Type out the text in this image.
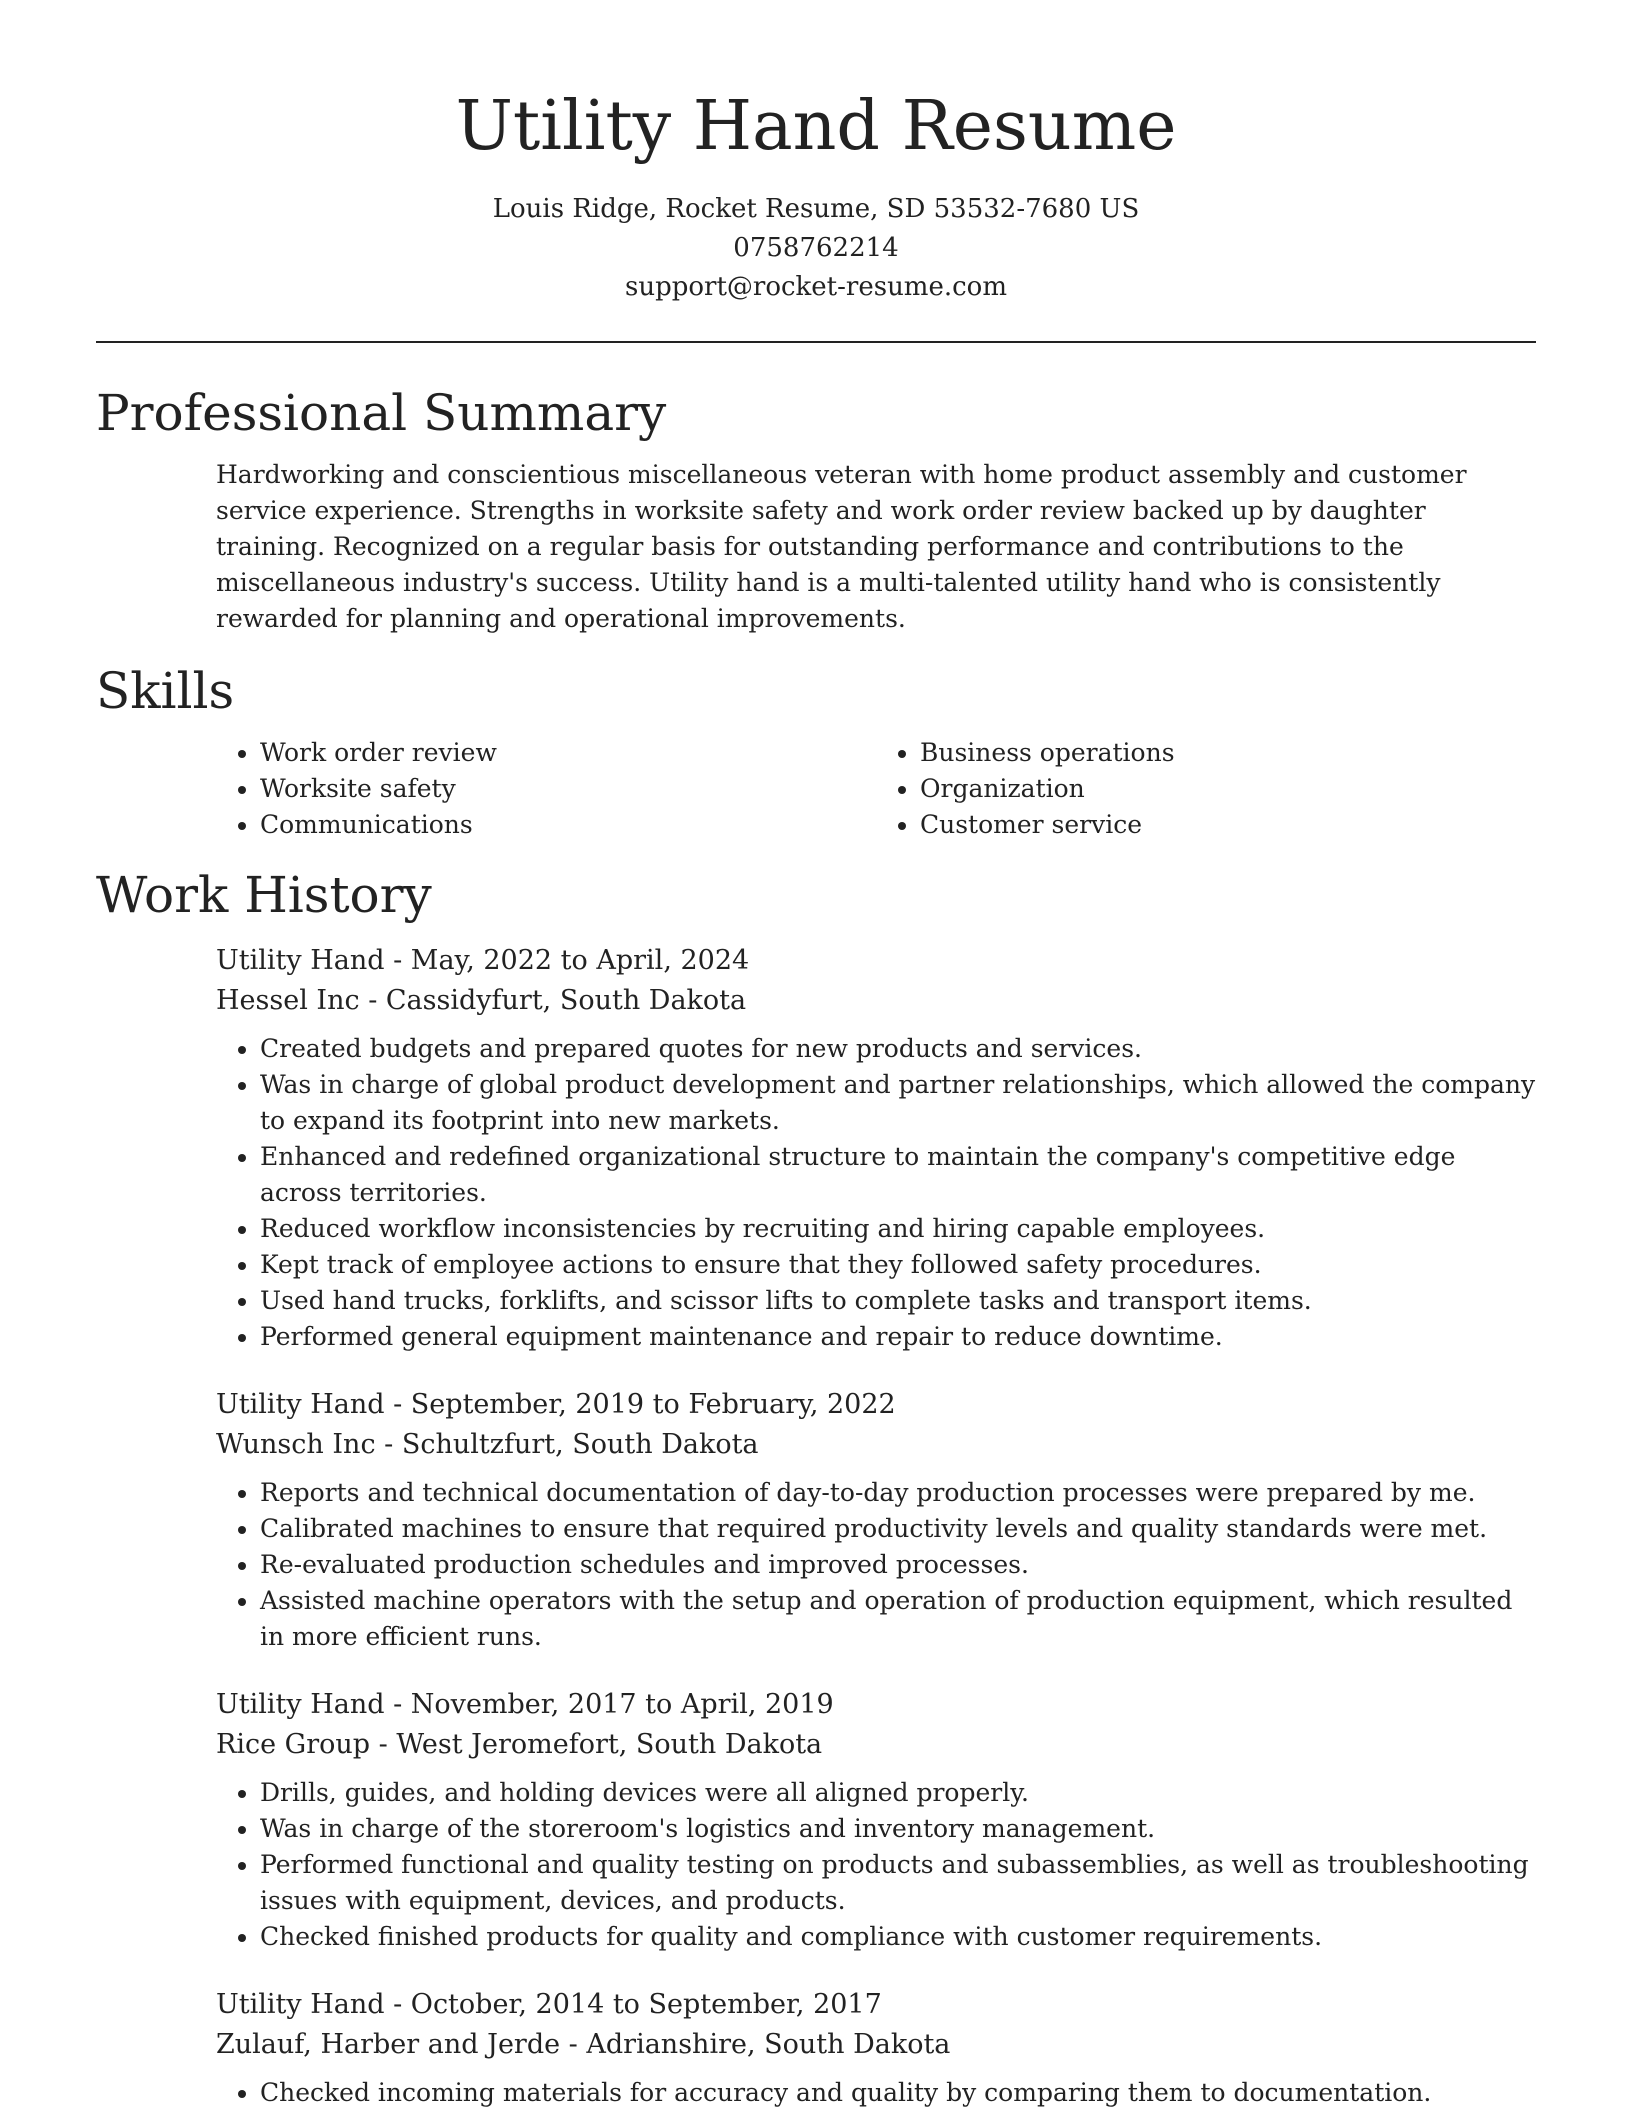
Utility Hand Resume
Louis Ridge, Rocket Resume, SD 53532-7680 US
0758762214
support@rocket-resume.com
Professional Summary

Hardworking and conscientious miscellaneous veteran with home product assembly and customer service experience. Strengths in worksite safety and work order review backed up by daughter training. Recognized on a regular basis for outstanding performance and contributions to the miscellaneous industry's success. Utility hand is a multi-talented utility hand who is consistently rewarded for planning and operational improvements.

Skills
• Work order review
• Worksite safety
• Communications
• Business operations
• Organization
• Customer service
Work History
Utility Hand - May, 2022 to April, 2024
Hessel Inc - Cassidyfurt, South Dakota
• Created budgets and prepared quotes for new products and services.
• Was in charge of global product development and partner relationships, which allowed the company to expand its footprint into new markets.
• Enhanced and redefined organizational structure to maintain the company's competitive edge across territories.
• Reduced workflow inconsistencies by recruiting and hiring capable employees.
• Kept track of employee actions to ensure that they followed safety procedures.
• Used hand trucks, forklifts, and scissor lifts to complete tasks and transport items.
• Performed general equipment maintenance and repair to reduce downtime.
Utility Hand - September, 2019 to February, 2022
Wunsch Inc - Schultzfurt, South Dakota
• Reports and technical documentation of day-to-day production processes were prepared by me.
• Calibrated machines to ensure that required productivity levels and quality standards were met.
• Re-evaluated production schedules and improved processes.
• Assisted machine operators with the setup and operation of production equipment, which resulted in more efficient runs.
Utility Hand - November, 2017 to April, 2019
Rice Group - West Jeromefort, South Dakota
• Drills, guides, and holding devices were all aligned properly.
• Was in charge of the storeroom's logistics and inventory management.
• Performed functional and quality testing on products and subassemblies, as well as troubleshooting issues with equipment, devices, and products.
• Checked finished products for quality and compliance with customer requirements.
Utility Hand - October, 2014 to September, 2017
Zulauf, Harber and Jerde - Adrianshire, South Dakota
• Checked incoming materials for accuracy and quality by comparing them to documentation.
